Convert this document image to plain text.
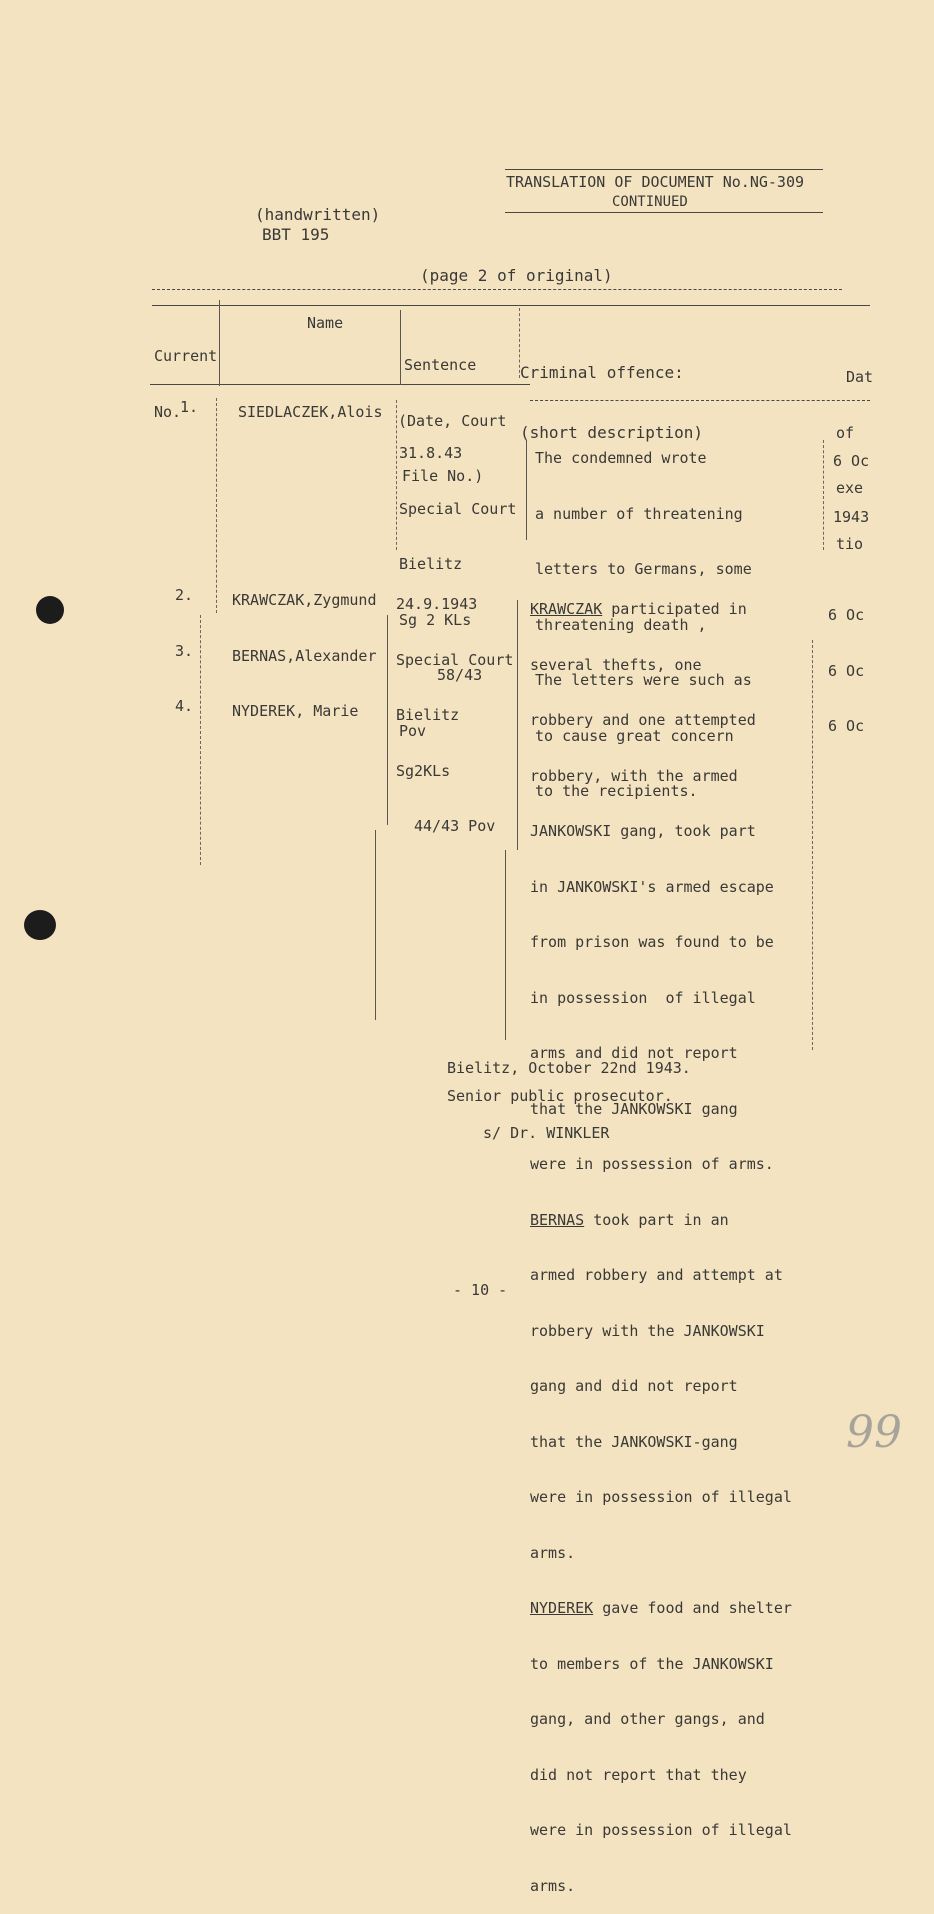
TRANSLATION OF DOCUMENT No.NG-309
CONTINUED
(handwritten)
BBT 195
(page 2 of original)

Current

No.

Name

Sentence

(Date, Court

File No.)

Criminal offence:

(short description)

Dat

of

exe

tio

1.	SIEDLACZEK,Alois

31.8.43

Special Court

Bielitz

Sg 2 KLs

58/43

Pov

The condemned wrote

a number of threatening

letters to Germans, some

threatening death ,

The letters were such as

to cause great concern

to the recipients.

6 Oc

1943

2.

3.

4.

KRAWCZAK,Zygmund

BERNAS,Alexander

NYDEREK, Marie

24.9.1943

Special Court

Bielitz

Sg2KLs

44/43 Pov

KRAWCZAK participated in

several thefts, one

robbery and one attempted

robbery, with the armed

JANKOWSKI gang, took part

in JANKOWSKI's armed escape

from prison was found to be

in possession  of illegal

arms and did not report

that the JANKOWSKI gang

were in possession of arms.

BERNAS took part in an

armed robbery and attempt at

robbery with the JANKOWSKI

gang and did not report

that the JANKOWSKI-gang

were in possession of illegal

arms.

NYDEREK gave food and shelter

to members of the JANKOWSKI

gang, and other gangs, and

did not report that they

were in possession of illegal

arms.

6 Oc

6 Oc

6 Oc

Bielitz, October 22nd 1943.
Senior public prosecutor.
s/ Dr. WINKLER
- 10 -
99
